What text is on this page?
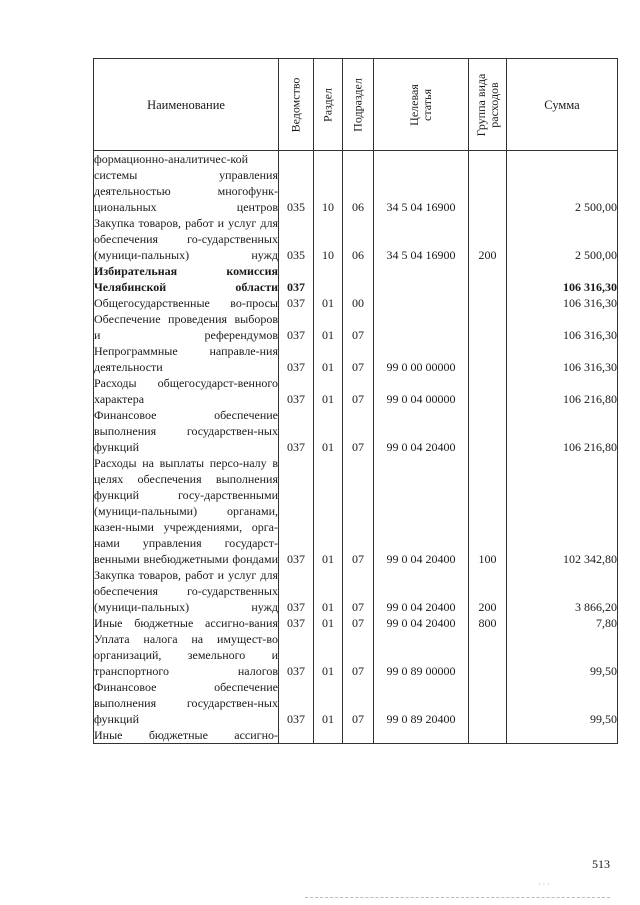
Наименование	Ведомство	Раздел	Подраздел	Целевая статья	Группа вида расходов	Сумма
формационно-аналитичес-кой системы управления деятельностью многофунк-циональных центров	035	10	06	34 5 04 16900		2 500,00
Закупка товаров, работ и услуг для обеспечения го-сударственных (муници-пальных) нужд	035	10	06	34 5 04 16900	200	2 500,00
Избирательная комиссия Челябинской области	037					106 316,30
Общегосударственные во-просы	037	01	00			106 316,30
Обеспечение проведения выборов и референдумов	037	01	07			106 316,30
Непрограммные направле-ния деятельности	037	01	07	99 0 00 00000		106 316,30
Расходы общегосударст-венного характера	037	01	07	99 0 04 00000		106 216,80
Финансовое обеспечение выполнения государствен-ных функций	037	01	07	99 0 04 20400		106 216,80
Расходы на выплаты персо-налу в целях обеспечения выполнения функций госу-дарственными (муници-пальными) органами, казен-ными учреждениями, орга-нами управления государст-венными внебюджетными фондами	037	01	07	99 0 04 20400	100	102 342,80
Закупка товаров, работ и услуг для обеспечения го-сударственных (муници-пальных) нужд	037	01	07	99 0 04 20400	200	3 866,20
Иные бюджетные ассигно-вания	037	01	07	99 0 04 20400	800	7,80
Уплата налога на имущест-во организаций, земельного и транспортного налогов	037	01	07	99 0 89 00000		99,50
Финансовое обеспечение выполнения государствен-ных функций	037	01	07	99 0 89 20400		99,50
Иные бюджетные ассигно-						
513
· · ·
